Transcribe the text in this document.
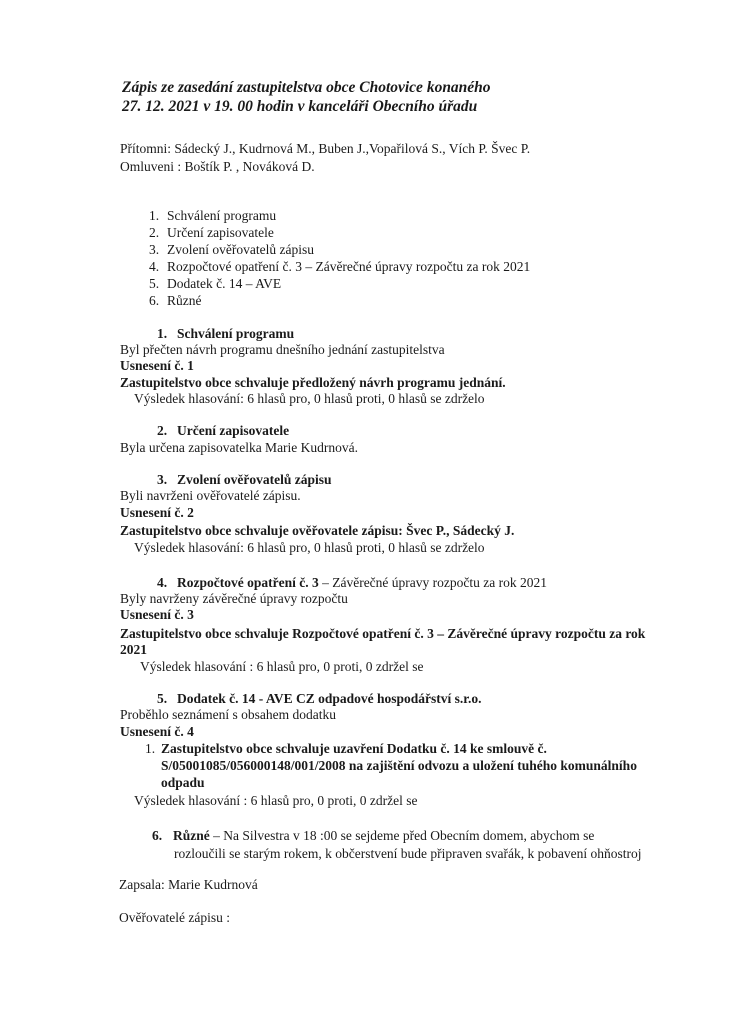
Zápis ze zasedání zastupitelstva obce Chotovice konaného
27. 12. 2021 v 19. 00 hodin v kanceláři Obecního úřadu
Přítomni: Sádecký J., Kudrnová M., Buben J.,Vopařilová S., Vích P. Švec P.
Omluveni : Boštík P. , Nováková D.
1. Schválení programu
2. Určení zapisovatele
3. Zvolení ověřovatelů zápisu
4. Rozpočtové opatření č. 3 – Závěrečné úpravy rozpočtu za rok 2021
5. Dodatek č. 14 – AVE
6. Různé
1. Schválení programu
Byl přečten návrh programu dnešního jednání zastupitelstva
Usnesení č. 1
Zastupitelstvo obce schvaluje předložený návrh programu jednání.
Výsledek hlasování: 6 hlasů pro, 0 hlasů proti, 0 hlasů se zdrželo
2. Určení zapisovatele
Byla určena zapisovatelka Marie Kudrnová.
3. Zvolení ověřovatelů zápisu
Byli navrženi ověřovatelé zápisu.
Usnesení č. 2
Zastupitelstvo obce schvaluje ověřovatele zápisu: Švec P., Sádecký J.
Výsledek hlasování: 6 hlasů pro, 0 hlasů proti, 0 hlasů se zdrželo
4. Rozpočtové opatření č. 3 – Závěrečné úpravy rozpočtu za rok 2021
Byly navrženy závěrečné úpravy rozpočtu
Usnesení č. 3
Zastupitelstvo obce schvaluje Rozpočtové opatření č. 3 – Závěrečné úpravy rozpočtu za rok
2021
Výsledek hlasování : 6 hlasů pro, 0 proti, 0 zdržel se
5. Dodatek č. 14 - AVE CZ odpadové hospodářství s.r.o.
Proběhlo seznámení s obsahem dodatku
Usnesení č. 4
1. Zastupitelstvo obce schvaluje uzavření Dodatku č. 14 ke smlouvě č.
S/05001085/056000148/001/2008 na zajištění odvozu a uložení tuhého komunálního
odpadu
Výsledek hlasování : 6 hlasů pro, 0 proti, 0 zdržel se
6. Různé – Na Silvestra v 18 :00 se sejdeme před Obecním domem, abychom se
rozloučili se starým rokem, k občerstvení bude připraven svařák, k pobavení ohňostroj
Zapsala: Marie Kudrnová
Ověřovatelé zápisu :
